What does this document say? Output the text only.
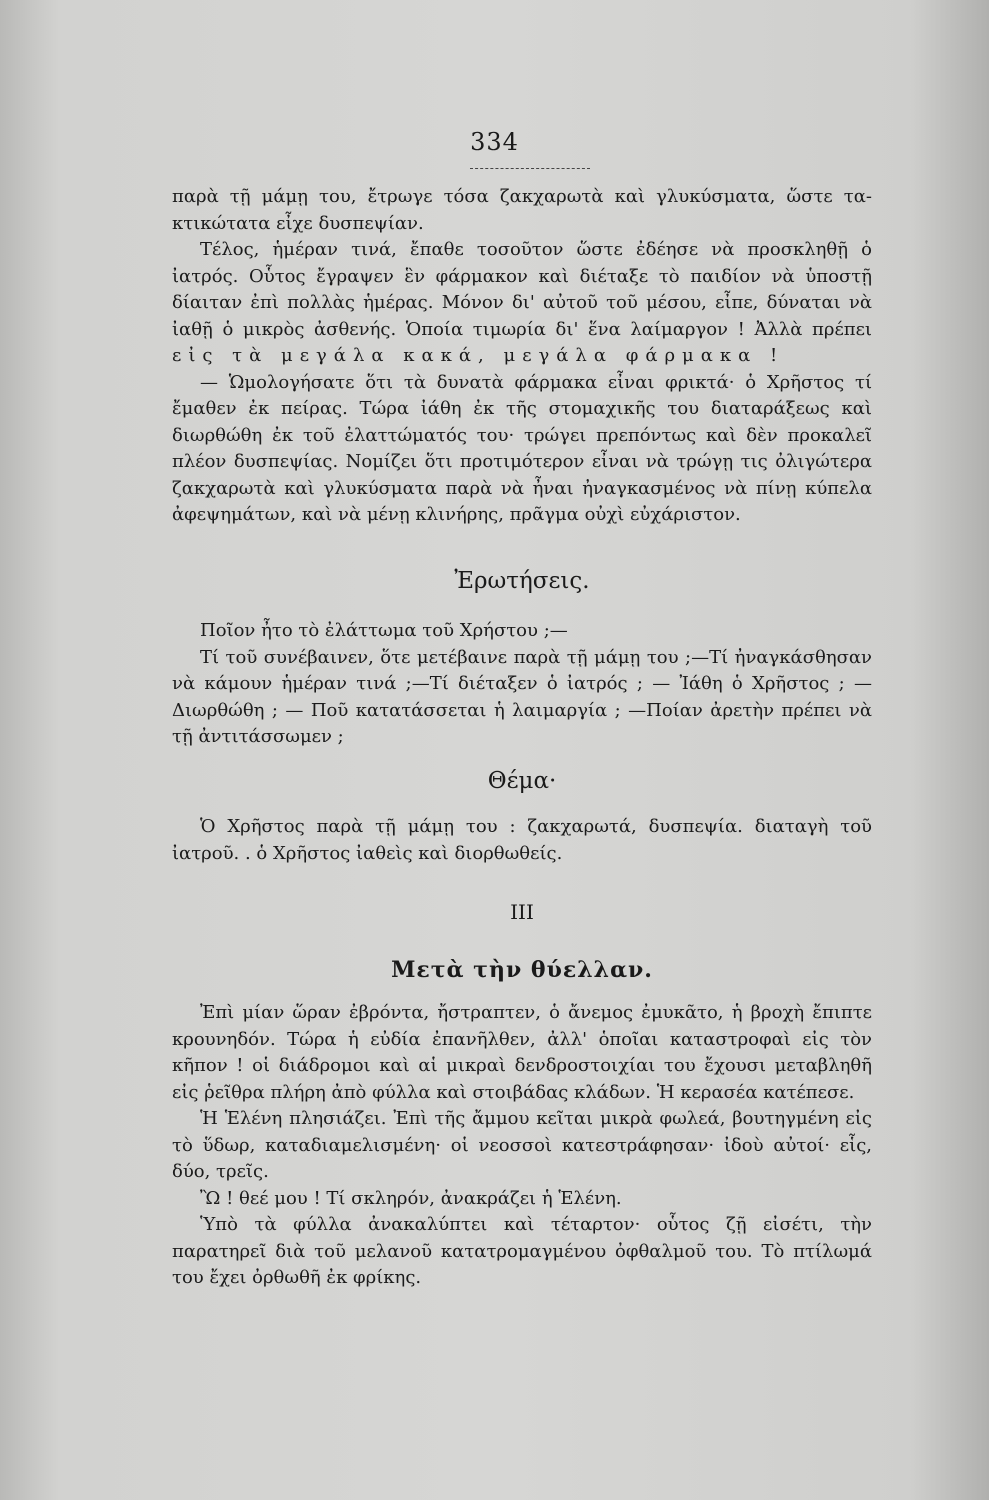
334

παρὰ τῇ μάμῃ του, ἔτρωγε τόσα ζακχαρωτὰ καὶ γλυκύσματα, ὥστε τα-κτικώτατα εἶχε δυσπεψίαν.

Τέλος, ἡμέραν τινά, ἔπαθε τοσοῦτον ὥστε ἐδέησε νὰ προσκληθῇ ὁ ἰατρός. Οὗτος ἔγραψεν ἓν φάρμακον καὶ διέταξε τὸ παιδίον νὰ ὑποστῇ δίαιταν ἐπὶ πολλὰς ἡμέρας. Μόνον δι' αὐτοῦ τοῦ μέσου, εἶπε, δύναται νὰ ἰαθῇ ὁ μικρὸς ἀσθενής. Ὁποία τιμωρία δι' ἕνα λαίμαργον ! Ἀλλὰ πρέπει εἰς τὰ μεγάλα κακά, μεγάλα φάρμακα !

— Ὡμολογήσατε ὅτι τὰ δυνατὰ φάρμακα εἶναι φρικτά· ὁ Χρῆστος τί ἔμαθεν ἐκ πείρας. Τώρα ἰάθη ἐκ τῆς στομαχικῆς του διαταράξεως καὶ διωρθώθη ἐκ τοῦ ἐλαττώματός του· τρώγει πρεπόντως καὶ δὲν προκαλεῖ πλέον δυσπεψίας. Νομίζει ὅτι προτιμότερον εἶναι νὰ τρώγῃ τις ὀλιγώτερα ζακχαρωτὰ καὶ γλυκύσματα παρὰ νὰ ἦναι ἠναγκασμένος νὰ πίνῃ κύπελα ἀφεψημάτων, καὶ νὰ μένῃ κλινήρης, πρᾶγμα οὐχὶ εὐχάριστον.

Ἐρωτήσεις.

Ποῖον ἦτο τὸ ἐλάττωμα τοῦ Χρήστου ;—

Τί τοῦ συνέβαινεν, ὅτε μετέβαινε παρὰ τῇ μάμῃ του ;—Τί ἠναγκάσθησαν νὰ κάμουν ἡμέραν τινά ;—Τί διέταξεν ὁ ἰατρός ; — Ἰάθη ὁ Χρῆστος ; —Διωρθώθη ; — Ποῦ κατατάσσεται ἡ λαιμαργία ; —Ποίαν ἀρετὴν πρέπει νὰ τῇ ἀντιτάσσωμεν ;

Θέμα·

Ὁ Χρῆστος παρὰ τῇ μάμῃ του : ζακχαρωτά, δυσπεψία. διαταγὴ τοῦ ἰατροῦ. . ὁ Χρῆστος ἰαθεὶς καὶ διορθωθείς.

III
Μετὰ τὴν θύελλαν.

Ἐπὶ μίαν ὥραν ἐβρόντα, ἤστραπτεν, ὁ ἄνεμος ἐμυκᾶτο, ἡ βροχὴ ἔπιπτε κρουνηδόν. Τώρα ἡ εὐδία ἐπανῆλθεν, ἀλλ' ὁποῖαι καταστροφαὶ εἰς τὸν κῆπον ! οἱ διάδρομοι καὶ αἱ μικραὶ δενδροστοιχίαι του ἔχουσι μεταβληθῆ εἰς ῥεῖθρα πλήρη ἀπὸ φύλλα καὶ στοιβάδας κλάδων. Ἡ κερασέα κατέπεσε.

Ἡ Ἑλένη πλησιάζει. Ἐπὶ τῆς ἄμμου κεῖται μικρὰ φωλεά, βουτηγμένη εἰς τὸ ὕδωρ, καταδιαμελισμένη· οἱ νεοσσοὶ κατεστράφησαν· ἰδοὺ αὐτοί· εἷς, δύο, τρεῖς.

Ὢ ! θεέ μου ! Τί σκληρόν, ἀνακράζει ἡ Ἑλένη.

Ὑπὸ τὰ φύλλα ἀνακαλύπτει καὶ τέταρτον· οὗτος ζῇ εἰσέτι, τὴν παρατηρεῖ διὰ τοῦ μελανοῦ κατατρομαγμένου ὀφθαλμοῦ του. Τὸ πτίλωμά του ἔχει ὀρθωθῆ ἐκ φρίκης.
